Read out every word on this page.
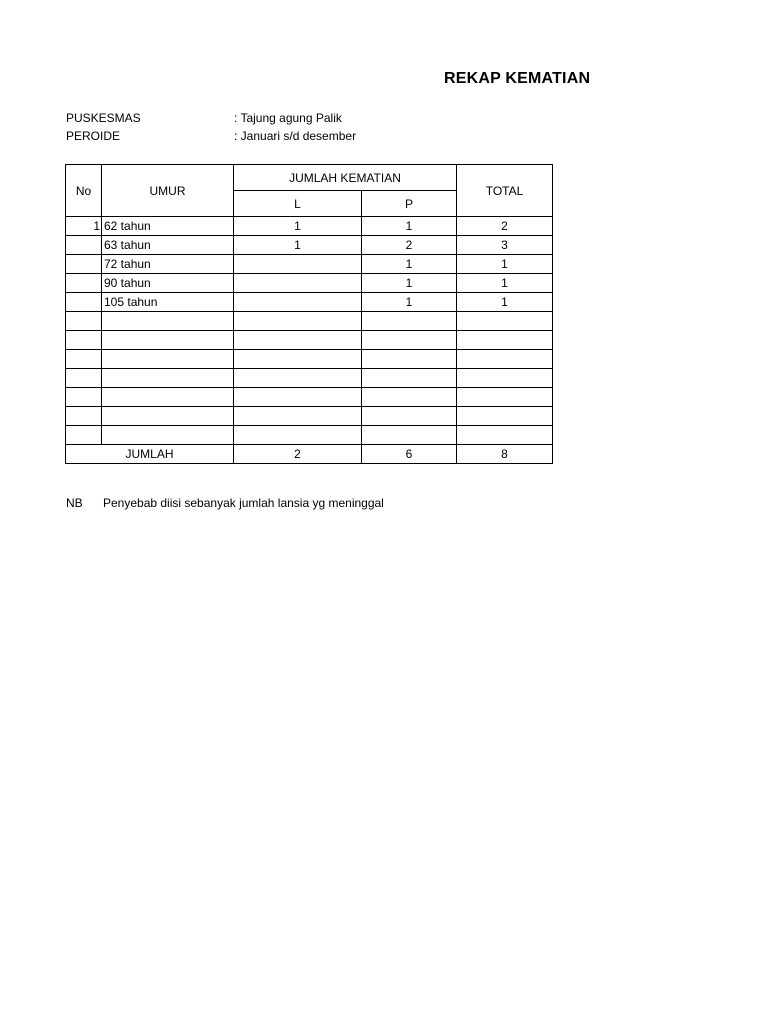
REKAP KEMATIAN
PUSKESMAS	: Tajung agung Palik
PEROIDE	: Januari s/d desember
No	UMUR	JUMLAH KEMATIAN		TOTAL
		L	P	
1	62 tahun	1	1	2
	63 tahun	1	2	3
	72 tahun		1	1
	90 tahun		1	1
	105 tahun		1	1

JUMLAH		2	6	8
NB Penyebab diisi sebanyak jumlah lansia yg meninggal
